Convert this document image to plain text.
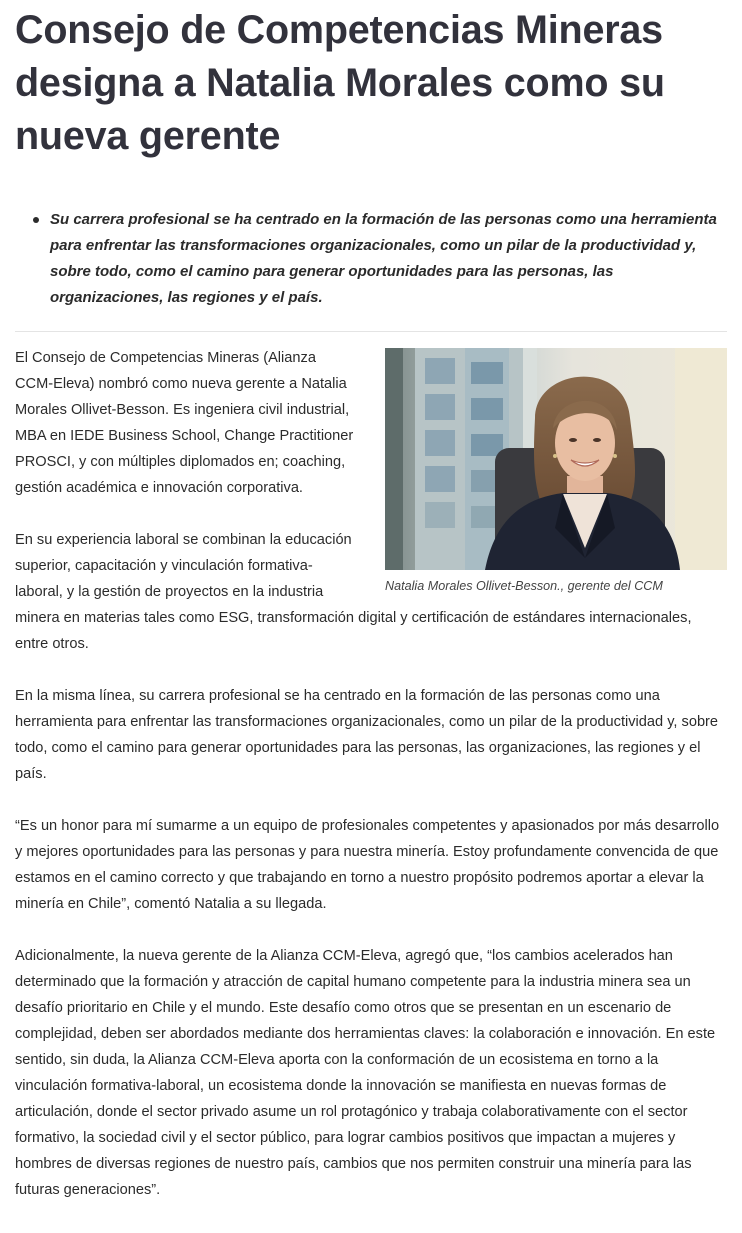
Consejo de Competencias Mineras designa a Natalia Morales como su nueva gerente
Su carrera profesional se ha centrado en la formación de las personas como una herramienta para enfrentar las transformaciones organizacionales, como un pilar de la productividad y, sobre todo, como el camino para generar oportunidades para las personas, las organizaciones, las regiones y el país.
Natalia Morales Ollivet-Besson., gerente del CCM

El Consejo de Competencias Mineras (Alianza CCM-Eleva) nombró como nueva gerente a Natalia Morales Ollivet-Besson. Es ingeniera civil industrial, MBA en IEDE Business School, Change Practitioner PROSCI, y con múltiples diplomados en; coaching, gestión académica e innovación corporativa.

En su experiencia laboral se combinan la educación superior, capacitación y vinculación formativa-laboral, y la gestión de proyectos en la industria minera en materias tales como ESG, transformación digital y certificación de estándares internacionales, entre otros.

En la misma línea, su carrera profesional se ha centrado en la formación de las personas como una herramienta para enfrentar las transformaciones organizacionales, como un pilar de la productividad y, sobre todo, como el camino para generar oportunidades para las personas, las organizaciones, las regiones y el país.

“Es un honor para mí sumarme a un equipo de profesionales competentes y apasionados por más desarrollo y mejores oportunidades para las personas y para nuestra minería. Estoy profundamente convencida de que estamos en el camino correcto y que trabajando en torno a nuestro propósito podremos aportar a elevar la minería en Chile”, comentó Natalia a su llegada.

Adicionalmente, la nueva gerente de la Alianza CCM-Eleva, agregó que, “los cambios acelerados han determinado que la formación y atracción de capital humano competente para la industria minera sea un desafío prioritario en Chile y el mundo. Este desafío como otros que se presentan en un escenario de complejidad, deben ser abordados mediante dos herramientas claves: la colaboración e innovación. En este sentido, sin duda, la Alianza CCM-Eleva aporta con la conformación de un ecosistema en torno a la vinculación formativa-laboral, un ecosistema donde la innovación se manifiesta en nuevas formas de articulación, donde el sector privado asume un rol protagónico y trabaja colaborativamente con el sector formativo, la sociedad civil y el sector público, para lograr cambios positivos que impactan a mujeres y hombres de diversas regiones de nuestro país, cambios que nos permiten construir una minería para las futuras generaciones”.
